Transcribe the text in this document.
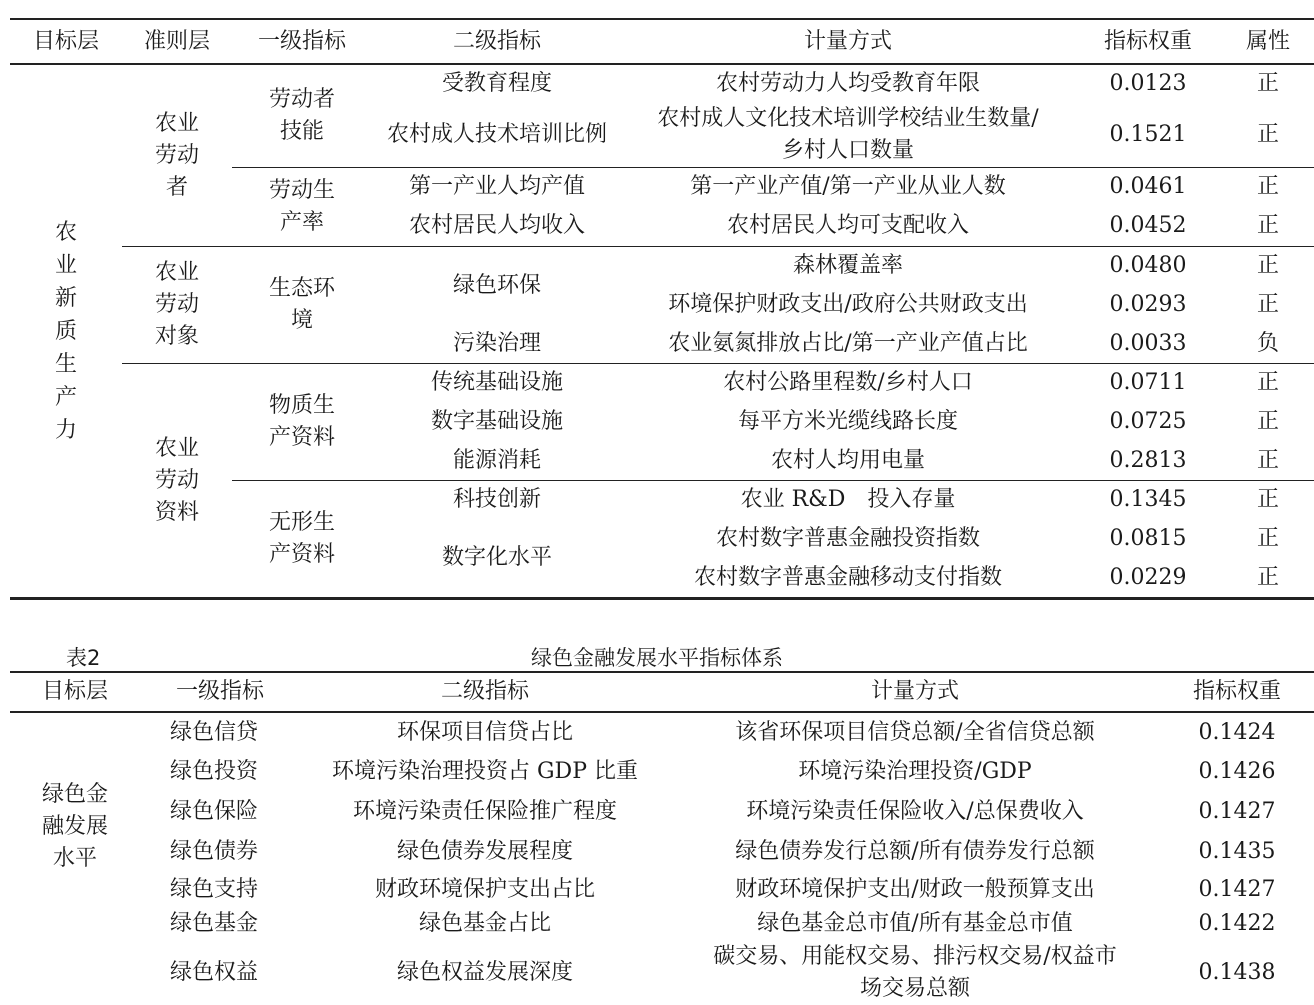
目标层	准则层	一级指标	二级指标	计量方式	指标权重	属性
农业新质生产力	农业劳动者	劳动者技能	受教育程度	农村劳动力人均受教育年限	0.0123	正
			农村成人技术培训比例	农村成人文化技术培训学校结业生数量/乡村人口数量	0.1521	正
		劳动生产率	第一产业人均产值	第一产业产值/第一产业从业人数	0.0461	正
			农村居民人均收入	农村居民人均可支配收入	0.0452	正
	农业劳动对象	生态环境	绿色环保	森林覆盖率	0.0480	正
				环境保护财政支出/政府公共财政支出	0.0293	正
			污染治理	农业氨氮排放占比/第一产业产值占比	0.0033	负
	农业劳动资料	物质生产资料	传统基础设施	农村公路里程数/乡村人口	0.0711	正
			数字基础设施	每平方米光缆线路长度	0.0725	正
			能源消耗	农村人均用电量	0.2813	正
		无形生产资料	科技创新	农业 R&D　投入存量	0.1345	正
			数字化水平	农村数字普惠金融投资指数	0.0815	正
				农村数字普惠金融移动支付指数	0.0229	正
表2	绿色金融发展水平指标体系
目标层	一级指标	二级指标	计量方式	指标权重
绿色金融发展水平	绿色信贷	环保项目信贷占比	该省环保项目信贷总额/全省信贷总额	0.1424
	绿色投资	环境污染治理投资占 GDP 比重	环境污染治理投资/GDP	0.1426
	绿色保险	环境污染责任保险推广程度	环境污染责任保险收入/总保费收入	0.1427
	绿色债券	绿色债券发展程度	绿色债券发行总额/所有债券发行总额	0.1435
	绿色支持	财政环境保护支出占比	财政环境保护支出/财政一般预算支出	0.1427
	绿色基金	绿色基金占比	绿色基金总市值/所有基金总市值	0.1422
	绿色权益	绿色权益发展深度	碳交易、用能权交易、排污权交易/权益市场交易总额	0.1438
